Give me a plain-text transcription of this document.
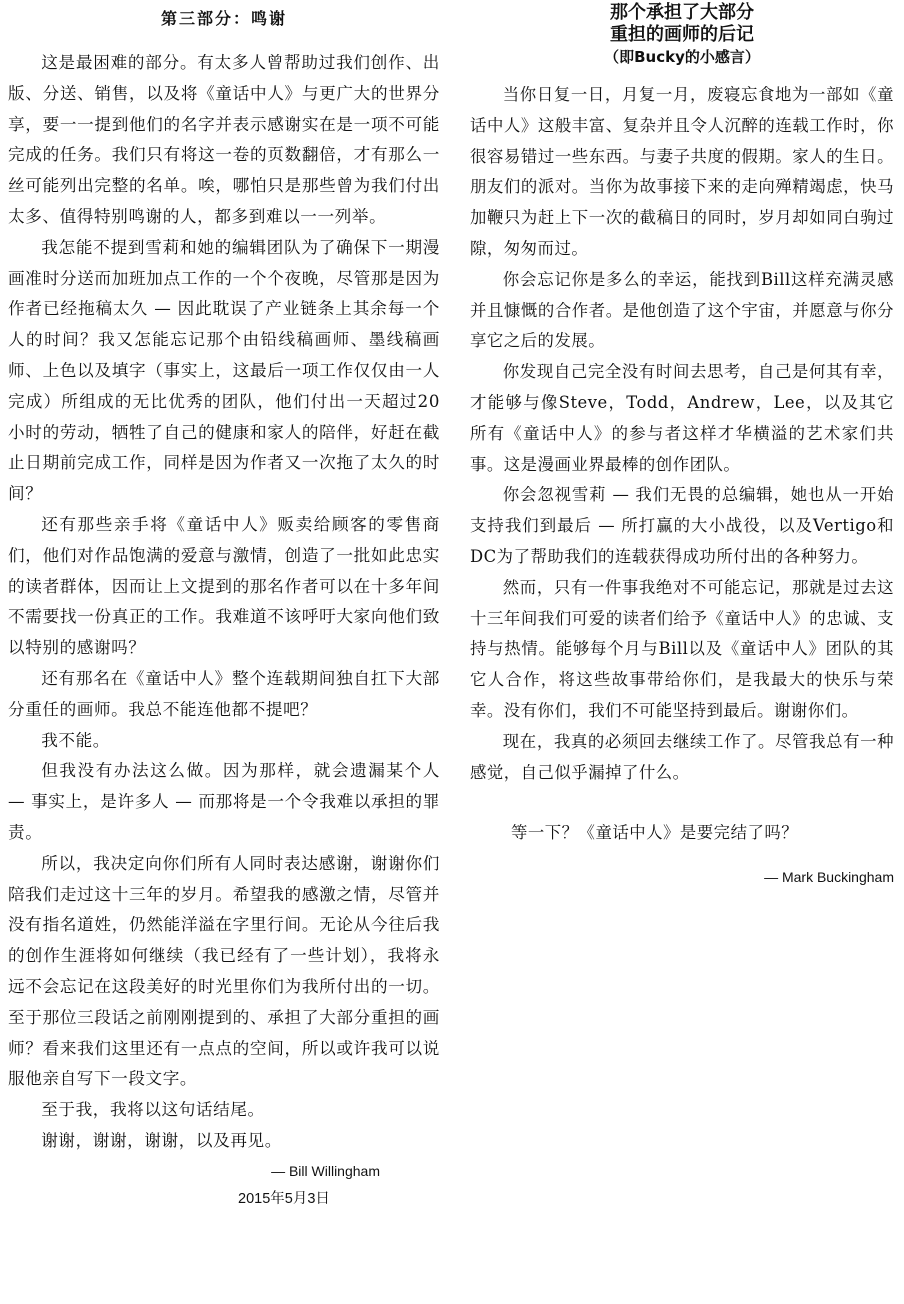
第三部分：鸣谢

这是最困难的部分。有太多人曾帮助过我们创作、出版、分送、销售，以及将《童话中人》与更广大的世界分享，要一一提到他们的名字并表示感谢实在是一项不可能完成的任务。我们只有将这一卷的页数翻倍，才有那么一丝可能列出完整的名单。唉，哪怕只是那些曾为我们付出太多、值得特别鸣谢的人，都多到难以一一列举。

我怎能不提到雪莉和她的编辑团队为了确保下一期漫画准时分送而加班加点工作的一个个夜晚，尽管那是因为作者已经拖稿太久 — 因此耽误了产业链条上其余每一个人的时间？我又怎能忘记那个由铅线稿画师、墨线稿画师、上色以及填字（事实上，这最后一项工作仅仅由一人完成）所组成的无比优秀的团队，他们付出一天超过20小时的劳动，牺牲了自己的健康和家人的陪伴，好赶在截止日期前完成工作，同样是因为作者又一次拖了太久的时间？

还有那些亲手将《童话中人》贩卖给顾客的零售商们，他们对作品饱满的爱意与激情，创造了一批如此忠实的读者群体，因而让上文提到的那名作者可以在十多年间不需要找一份真正的工作。我难道不该呼吁大家向他们致以特别的感谢吗？

还有那名在《童话中人》整个连载期间独自扛下大部分重任的画师。我总不能连他都不提吧？

我不能。

但我没有办法这么做。因为那样，就会遗漏某个人 — 事实上，是许多人 — 而那将是一个令我难以承担的罪责。

所以，我决定向你们所有人同时表达感谢，谢谢你们陪我们走过这十三年的岁月。希望我的感激之情，尽管并没有指名道姓，仍然能洋溢在字里行间。无论从今往后我的创作生涯将如何继续（我已经有了一些计划），我将永远不会忘记在这段美好的时光里你们为我所付出的一切。至于那位三段话之前刚刚提到的、承担了大部分重担的画师？看来我们这里还有一点点的空间，所以或许我可以说服他亲自写下一段文字。

至于我，我将以这句话结尾。

谢谢，谢谢，谢谢，以及再见。

— Bill Willingham

2015年5月3日

那个承担了大部分
重担的画师的后记
（即Bucky的小感言）

当你日复一日，月复一月，废寝忘食地为一部如《童话中人》这般丰富、复杂并且令人沉醉的连载工作时，你很容易错过一些东西。与妻子共度的假期。家人的生日。朋友们的派对。当你为故事接下来的走向殚精竭虑，快马加鞭只为赶上下一次的截稿日的同时，岁月却如同白驹过隙，匆匆而过。

你会忘记你是多么的幸运，能找到Bill这样充满灵感并且慷慨的合作者。是他创造了这个宇宙，并愿意与你分享它之后的发展。

你发现自己完全没有时间去思考，自己是何其有幸，才能够与像Steve，Todd，Andrew，Lee，以及其它所有《童话中人》的参与者这样才华横溢的艺术家们共事。这是漫画业界最棒的创作团队。

你会忽视雪莉 — 我们无畏的总编辑，她也从一开始支持我们到最后 — 所打赢的大小战役，以及Vertigo和DC为了帮助我们的连载获得成功所付出的各种努力。

然而，只有一件事我绝对不可能忘记，那就是过去这十三年间我们可爱的读者们给予《童话中人》的忠诚、支持与热情。能够每个月与Bill以及《童话中人》团队的其它人合作，将这些故事带给你们，是我最大的快乐与荣幸。没有你们，我们不可能坚持到最后。谢谢你们。

现在，我真的必须回去继续工作了。尽管我总有一种感觉，自己似乎漏掉了什么。

等一下？《童话中人》是要完结了吗？

— Mark Buckingham
